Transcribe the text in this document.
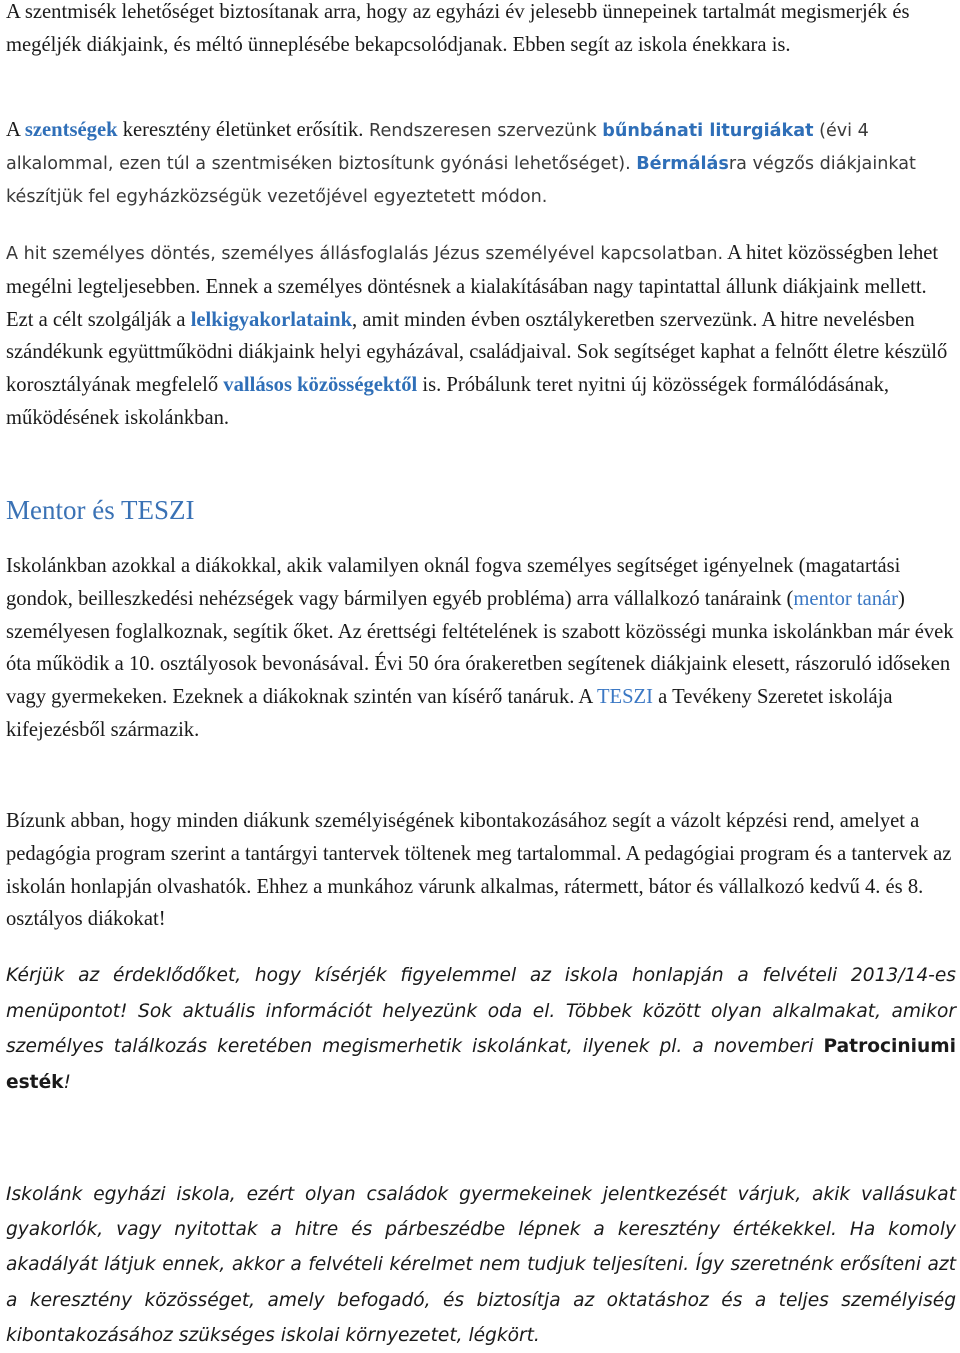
A szentmisék lehetőséget biztosítanak arra, hogy az egyházi év jelesebb ünnepeinek tartalmát megismerjék és megéljék diákjaink, és méltó ünneplésébe bekapcsolódjanak. Ebben segít az iskola énekkara is.

A szentségek keresztény életünket erősítik. Rendszeresen szervezünk bűnbánati liturgiákat (évi 4 alkalommal, ezen túl a szentmiséken biztosítunk gyónási lehetőséget). Bérmálásra végzős diákjainkat készítjük fel egyházközségük vezetőjével egyeztetett módon.

A hit személyes döntés, személyes állásfoglalás Jézus személyével kapcsolatban. A hitet közösségben lehet megélni legteljesebben. Ennek a személyes döntésnek a kialakításában nagy tapintattal állunk diákjaink mellett. Ezt a célt szolgálják a lelkigyakorlataink, amit minden évben osztálykeretben szervezünk. A hitre nevelésben szándékunk együttműködni diákjaink helyi egyházával, családjaival. Sok segítséget kaphat a felnőtt életre készülő korosztályának megfelelő vallásos közösségektől is. Próbálunk teret nyitni új közösségek formálódásának, működésének iskolánkban.

Mentor és TESZI

Iskolánkban azokkal a diákokkal, akik valamilyen oknál fogva személyes segítséget igényelnek (magatartási gondok, beilleszkedési nehézségek vagy bármilyen egyéb probléma) arra vállalkozó tanáraink (mentor tanár) személyesen foglalkoznak, segítik őket. Az érettségi feltételének is szabott közösségi munka iskolánkban már évek óta működik a 10. osztályosok bevonásával. Évi 50 óra órakeretben segítenek diákjaink elesett, rászoruló időseken vagy gyermekeken. Ezeknek a diákoknak szintén van kísérő tanáruk. A TESZI a Tevékeny Szeretet iskolája kifejezésből származik.

Bízunk abban, hogy minden diákunk személyiségének kibontakozásához segít a vázolt képzési rend, amelyet a pedagógia program szerint a tantárgyi tantervek töltenek meg tartalommal. A pedagógiai program és a tantervek az iskolán honlapján olvashatók. Ehhez a munkához várunk alkalmas, rátermett, bátor és vállalkozó kedvű 4. és 8. osztályos diákokat!

Kérjük az érdeklődőket, hogy kísérjék figyelemmel az iskola honlapján a felvételi 2013/14-es menüpontot! Sok aktuális információt helyezünk oda el. Többek között olyan alkalmakat, amikor személyes találkozás keretében megismerhetik iskolánkat, ilyenek pl. a novemberi Patrociniumi esték!

Iskolánk egyházi iskola, ezért olyan családok gyermekeinek jelentkezését várjuk, akik vallásukat gyakorlók, vagy nyitottak a hitre és párbeszédbe lépnek a keresztény értékekkel. Ha komoly akadályát látjuk ennek, akkor a felvételi kérelmet nem tudjuk teljesíteni. Így szeretnénk erősíteni azt a keresztény közösséget, amely befogadó, és biztosítja az oktatáshoz és a teljes személyiség kibontakozásához szükséges iskolai környezetet, légkört.
